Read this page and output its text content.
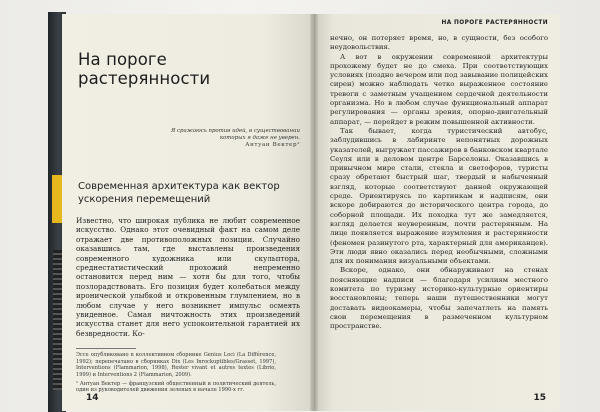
На пороге растерянности
Я сражаюсь против идей, в существовании
которых я даже не уверен.
Антуан Вектер¹
Современная архитектура как вектор ускорения перемещений

Известно, что широкая публика не любит современное искусство. Однако этот очевидный факт на самом деле отражает две противоположных позиции. Случайно оказавшись там, где выставлены произведения современного художника или скульптора, среднестатистический прохожий непременно остановится перед ним — хотя бы для того, чтобы позлорадствовать. Его позиция будет колебаться между иронической улыбкой и откровенным глумлением, но в любом случае у него возникнет импульс осмеять увиденное. Самая ничтожность этих произведений искусства станет для него успокоительной гарантией их безвредности. Ко-

Эссе опубликовано в коллективном сборнике Genius Loci (La Différence, 1992); перепечатано в сборниках Dix (Les Inrockuptibles/Grasset, 1997), Interventions (Flammarion, 1998), Rester vivant et autres textes (Librio, 1999) и Interventions 2 (Flammarion, 2009).

¹ Антуан Вектер — французский общественный и политический деятель, один из руководителей движения зеленых в начале 1990-х гг.

14
НА ПОРОГЕ РАСТЕРЯННОСТИ

нечно, он потеряет время, но, в сущности, без особого неудовольствия.

А вот в окружении современной архитектуры прохожему будет не до смеха. При соответствующих условиях (поздно вечером или под завывание полицейских сирен) можно наблюдать четко выраженное состояние тревоги с заметным учащением сердечной деятельности организма. Но в любом случае функциональный аппарат регулирования — органы зрения, опорно-двигательный аппарат, — перейдет в режим повышенной активности.

Так бывает, когда туристический автобус, заблудившись в лабиринте непонятных дорожных указателей, выгружает пассажиров в банковском квартале Сеуля или в деловом центре Барселоны. Оказавшись в привычном мире стали, стекла и светофоров, туристы сразу обретают быстрый шаг, твердый и набыченный взгляд, которые соответствуют данной окружающей среде. Ориентируясь по картинкам и надписям, они вскоре добираются до исторического центра города, до соборной площади. Их походка тут же замедляется, взгляд делается неуверенным, почти растерянным. На лице появляется выражение изумления и растерянности (феномен разинутого рта, характерный для американцев). Эти люди явно оказались перед необычными, сложными для их понимания визуальными объектами.

Вскоре, однако, они обнаруживают на стенах поясняющие надписи — благодаря усилиям местного комитета по туризму историко-культурные ориентиры восстановлены; теперь наши путешественники могут доставать видеокамеры, чтобы запечатлеть на память свои перемещения в размеченном культурном пространстве.

15
